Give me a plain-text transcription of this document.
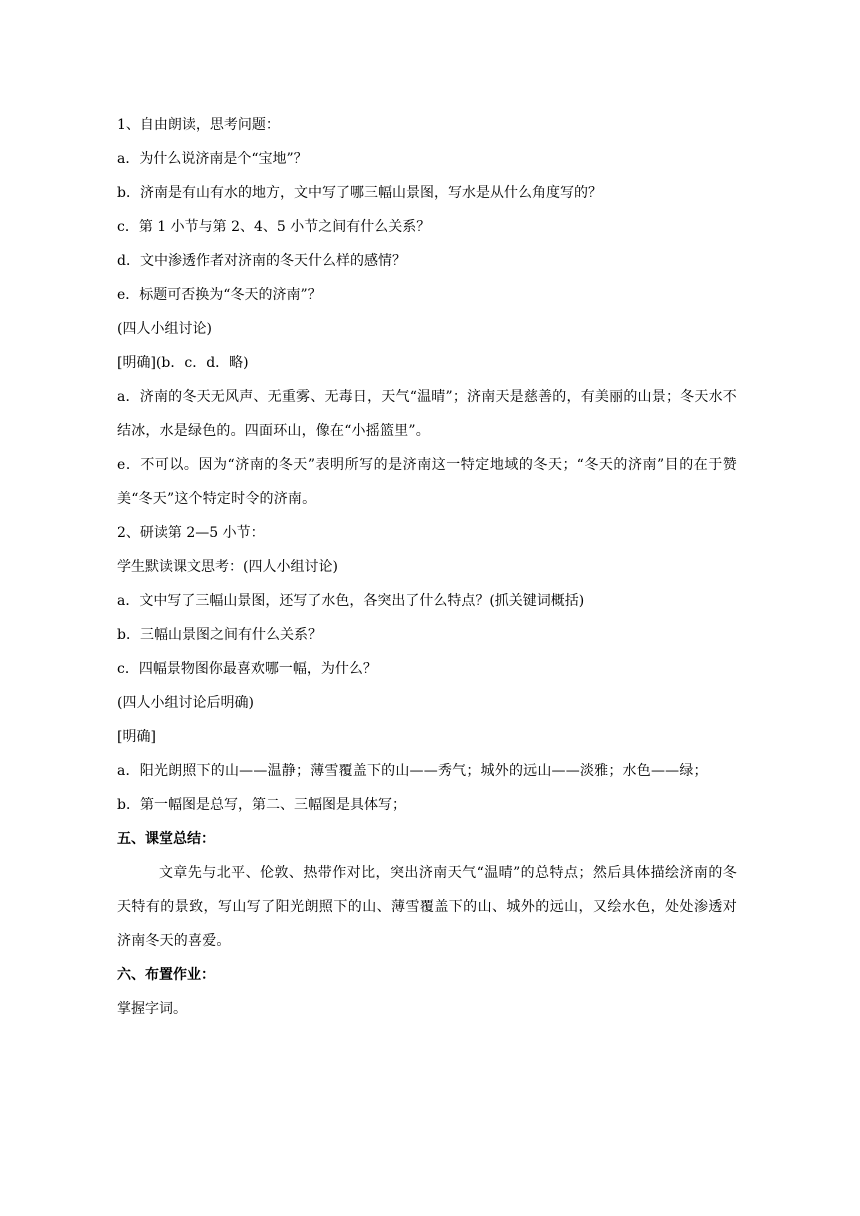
1、自由朗读，思考问题：

a．为什么说济南是个“宝地”？

b．济南是有山有水的地方，文中写了哪三幅山景图，写水是从什么角度写的？

c．第 1 小节与第 2、4、5 小节之间有什么关系？

d．文中渗透作者对济南的冬天什么样的感情？

e．标题可否换为“冬天的济南”？

(四人小组讨论)

[明确](b．c．d．略)

a．济南的冬天无风声、无重雾、无毒日，天气“温晴”；济南天是慈善的，有美丽的山景；冬天水不结冰，水是绿色的。四面环山，像在“小摇篮里”。

e．不可以。因为“济南的冬天”表明所写的是济南这一特定地域的冬天；“冬天的济南”目的在于赞美“冬天”这个特定时令的济南。

2、研读第 2—5 小节：

学生默读课文思考：(四人小组讨论)

a．文中写了三幅山景图，还写了水色，各突出了什么特点？(抓关键词概括)

b．三幅山景图之间有什么关系？

c．四幅景物图你最喜欢哪一幅，为什么？

(四人小组讨论后明确)

[明确]

a．阳光朗照下的山——温静；薄雪覆盖下的山——秀气；城外的远山——淡雅；水色——绿；

b．第一幅图是总写，第二、三幅图是具体写；

五、课堂总结：

文章先与北平、伦敦、热带作对比，突出济南天气“温晴”的总特点；然后具体描绘济南的冬天特有的景致，写山写了阳光朗照下的山、薄雪覆盖下的山、城外的远山，又绘水色，处处渗透对济南冬天的喜爱。

六、布置作业：

掌握字词。
